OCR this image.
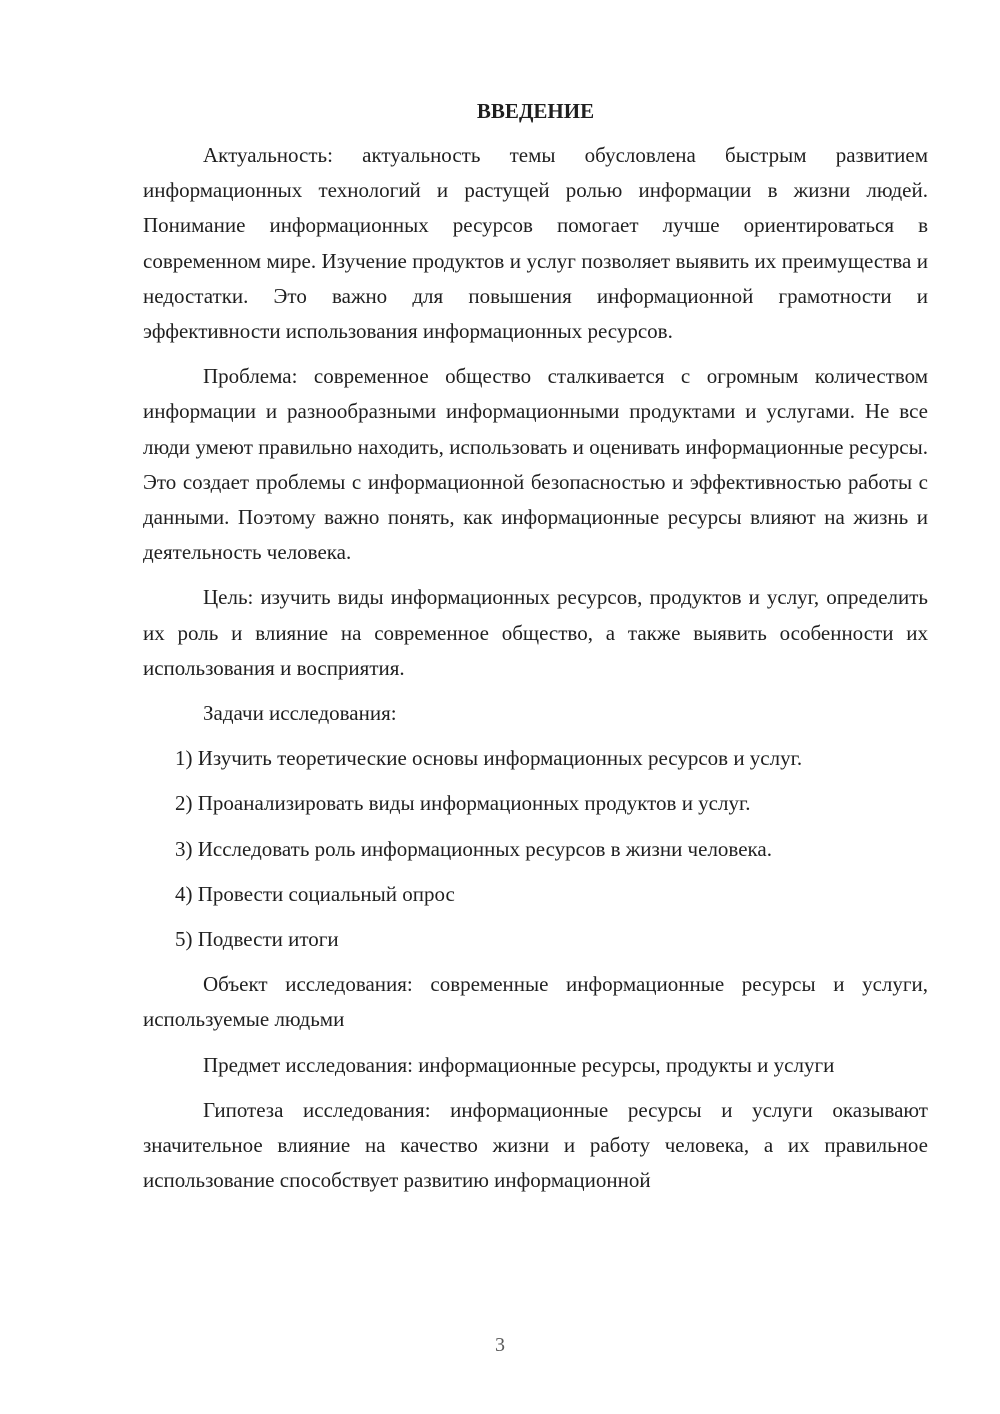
ВВЕДЕНИЕ

Актуальность: актуальность темы обусловлена быстрым развитием информационных технологий и растущей ролью информации в жизни людей. Понимание информационных ресурсов помогает лучше ориентироваться в современном мире. Изучение продуктов и услуг позволяет выявить их преимущества и недостатки. Это важно для повышения информационной грамотности и эффективности использования информационных ресурсов.

Проблема: современное общество сталкивается с огромным количеством информации и разнообразными информационными продуктами и услугами. Не все люди умеют правильно находить, использовать и оценивать информационные ресурсы. Это создает проблемы с информационной безопасностью и эффективностью работы с данными. Поэтому важно понять, как информационные ресурсы влияют на жизнь и деятельность человека.

Цель: изучить виды информационных ресурсов, продуктов и услуг, определить их роль и влияние на современное общество, а также выявить особенности их использования и восприятия.

Задачи исследования:

1) Изучить теоретические основы информационных ресурсов и услуг.
2) Проанализировать виды информационных продуктов и услуг.
3) Исследовать роль информационных ресурсов в жизни человека.
4) Провести социальный опрос
5) Подвести итоги

Объект исследования: современные информационные ресурсы и услуги, используемые людьми

Предмет исследования: информационные ресурсы, продукты и услуги

Гипотеза исследования: информационные ресурсы и услуги оказывают значительное влияние на качество жизни и работу человека, а их правильное использование способствует развитию информационной

3
